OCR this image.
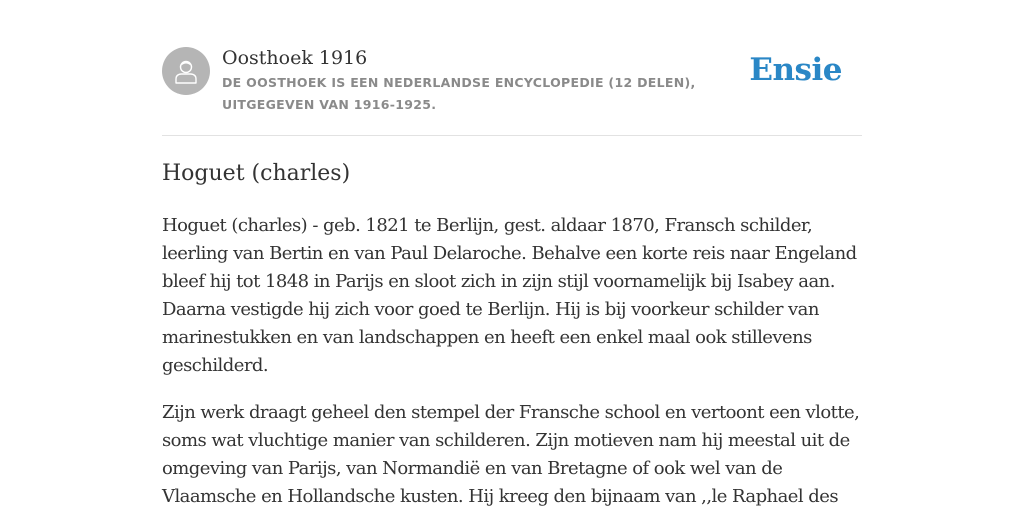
Oosthoek 1916
DE OOSTHOEK IS EEN NEDERLANDSE ENCYCLOPEDIE (12 DELEN), UITGEGEVEN VAN 1916-1925.
Ensie
Hoguet (charles)

Hoguet (charles) - geb. 1821 te Berlijn, gest. aldaar 1870, Fransch schilder, leerling van Bertin en van Paul Delaroche. Behalve een korte reis naar Engeland bleef hij tot 1848 in Parijs en sloot zich in zijn stijl voornamelijk bij Isabey aan. Daarna vestigde hij zich voor goed te Berlijn. Hij is bij voorkeur schilder van marinestukken en van landschappen en heeft een enkel maal ook stillevens geschilderd.

Zijn werk draagt geheel den stempel der Fransche school en vertoont een vlotte, soms wat vluchtige manier van schilderen. Zijn motieven nam hij meestal uit de omgeving van Parijs, van Normandië en van Bretagne of ook wel van de Vlaamsche en Hollandsche kusten. Hij kreeg den bijnaam van ,,le Raphael des
